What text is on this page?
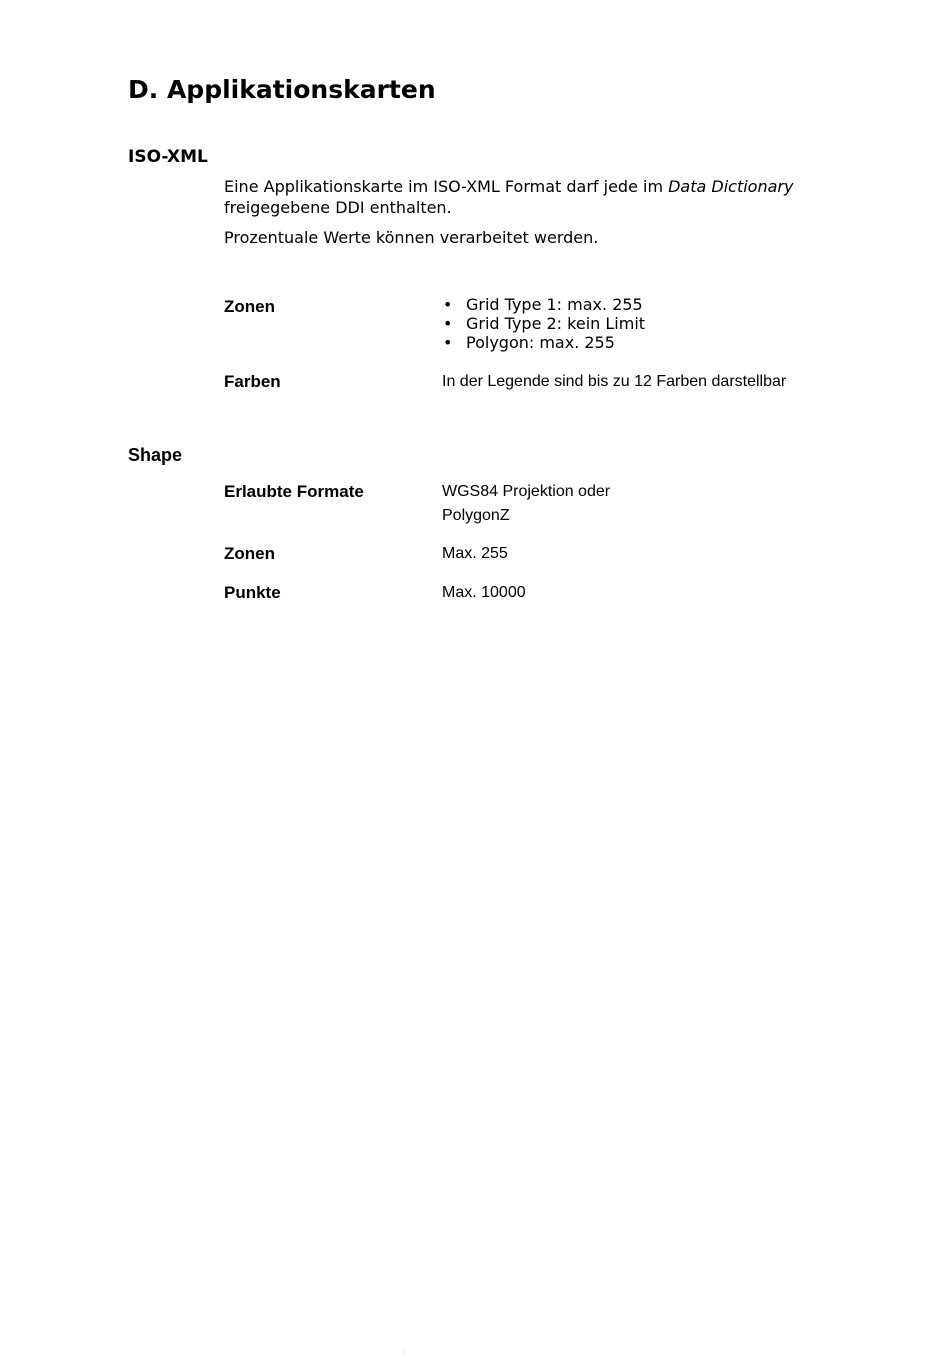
D. Applikationskarten
ISO-XML

Eine Applikationskarte im ISO-XML Format darf jede im Data Dictionary freigegebene DDI enthalten.

Prozentuale Werte können verarbeitet werden.

Zonen	• Grid Type 1: max. 255
• Grid Type 2: kein Limit
• Polygon: max. 255
Farben	In der Legende sind bis zu 12 Farben darstellbar
Shape
Erlaubte Formate	WGS84 Projektion oder
PolygonZ
Zonen	Max. 255
Punkte	Max. 10000
:
